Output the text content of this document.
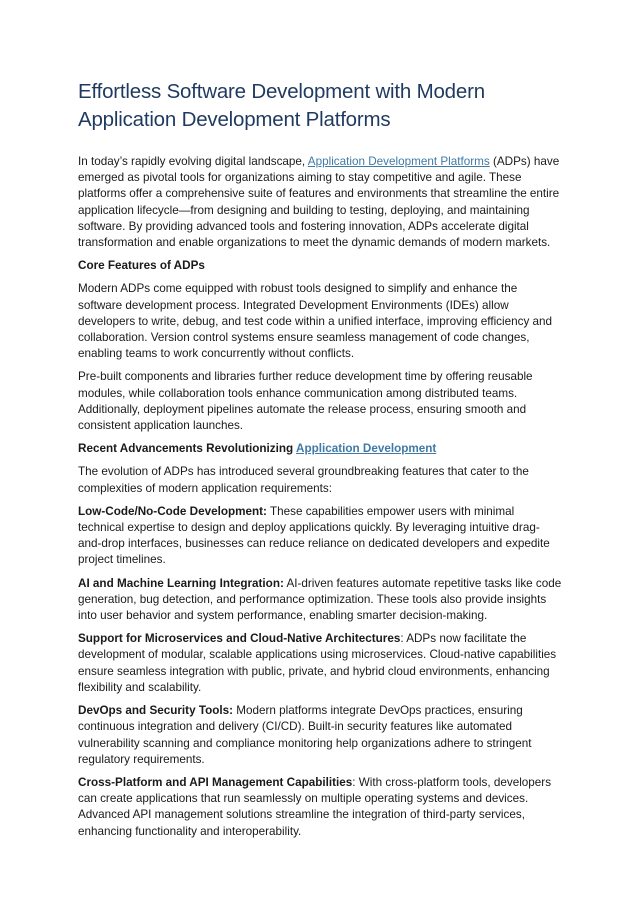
Effortless Software Development with Modern Application Development Platforms

In today’s rapidly evolving digital landscape, Application Development Platforms (ADPs) have emerged as pivotal tools for organizations aiming to stay competitive and agile. These platforms offer a comprehensive suite of features and environments that streamline the entire application lifecycle—from designing and building to testing, deploying, and maintaining software. By providing advanced tools and fostering innovation, ADPs accelerate digital transformation and enable organizations to meet the dynamic demands of modern markets.

Core Features of ADPs

Modern ADPs come equipped with robust tools designed to simplify and enhance the software development process. Integrated Development Environments (IDEs) allow developers to write, debug, and test code within a unified interface, improving efficiency and collaboration. Version control systems ensure seamless management of code changes, enabling teams to work concurrently without conflicts.

Pre-built components and libraries further reduce development time by offering reusable modules, while collaboration tools enhance communication among distributed teams. Additionally, deployment pipelines automate the release process, ensuring smooth and consistent application launches.

Recent Advancements Revolutionizing Application Development

The evolution of ADPs has introduced several groundbreaking features that cater to the complexities of modern application requirements:

Low-Code/No-Code Development: These capabilities empower users with minimal technical expertise to design and deploy applications quickly. By leveraging intuitive drag-and-drop interfaces, businesses can reduce reliance on dedicated developers and expedite project timelines.

AI and Machine Learning Integration: AI-driven features automate repetitive tasks like code generation, bug detection, and performance optimization. These tools also provide insights into user behavior and system performance, enabling smarter decision-making.

Support for Microservices and Cloud-Native Architectures: ADPs now facilitate the development of modular, scalable applications using microservices. Cloud-native capabilities ensure seamless integration with public, private, and hybrid cloud environments, enhancing flexibility and scalability.

DevOps and Security Tools: Modern platforms integrate DevOps practices, ensuring continuous integration and delivery (CI/CD). Built-in security features like automated vulnerability scanning and compliance monitoring help organizations adhere to stringent regulatory requirements.

Cross-Platform and API Management Capabilities: With cross-platform tools, developers can create applications that run seamlessly on multiple operating systems and devices. Advanced API management solutions streamline the integration of third-party services, enhancing functionality and interoperability.
